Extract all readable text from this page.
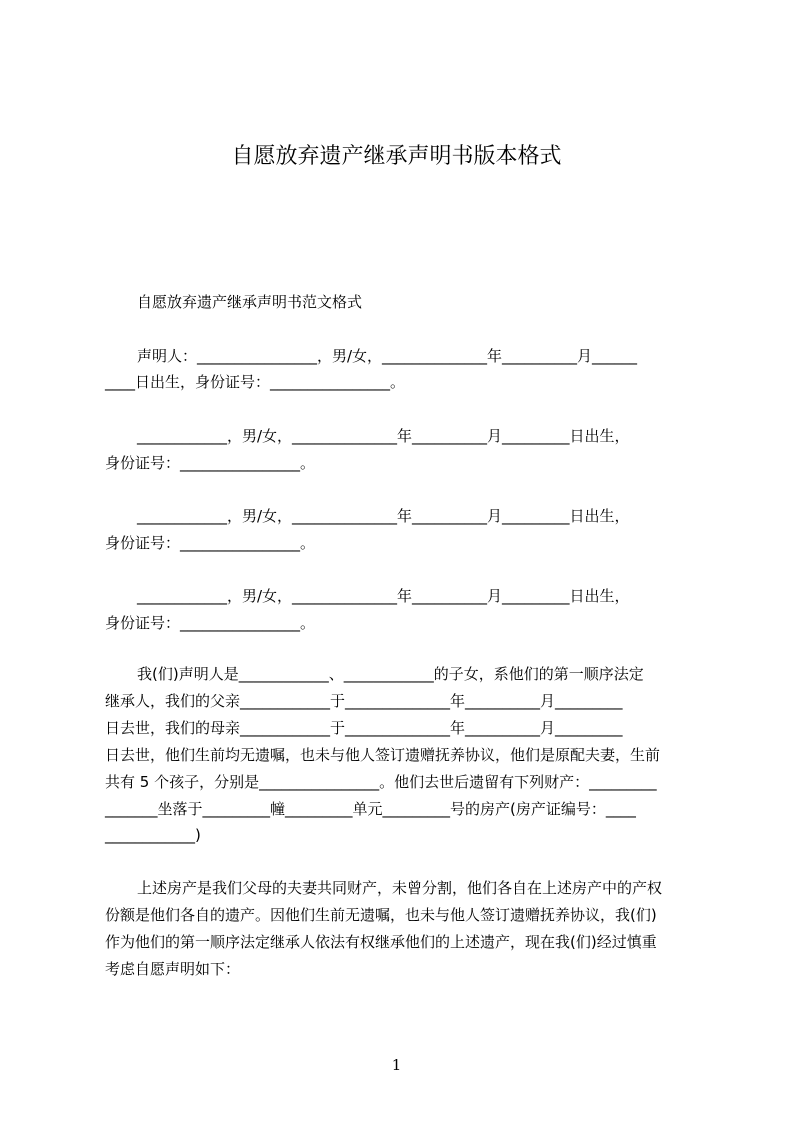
自愿放弃遗产继承声明书版本格式
自愿放弃遗产继承声明书范文格式
声明人：________________，男/女，______________年__________月______
____日出生，身份证号：________________。
____________，男/女，______________年__________月_________日出生，
身份证号：________________。
____________，男/女，______________年__________月_________日出生，
身份证号：________________。
____________，男/女，______________年__________月_________日出生，
身份证号：________________。
我(们)声明人是____________、____________的子女，系他们的第一顺序法定
继承人，我们的父亲____________于______________年__________月_________
日去世，我们的母亲____________于______________年__________月_________
日去世，他们生前均无遗嘱，也未与他人签订遗赠抚养协议，他们是原配夫妻，生前
共有 5 个孩子，分别是________________。他们去世后遗留有下列财产：_________
_______坐落于_________幢_________单元_________号的房产(房产证编号：____
____________)
上述房产是我们父母的夫妻共同财产，未曾分割，他们各自在上述房产中的产权
份额是他们各自的遗产。因他们生前无遗嘱，也未与他人签订遗赠抚养协议，我(们)
作为他们的第一顺序法定继承人依法有权继承他们的上述遗产，现在我(们)经过慎重
考虑自愿声明如下：
1
